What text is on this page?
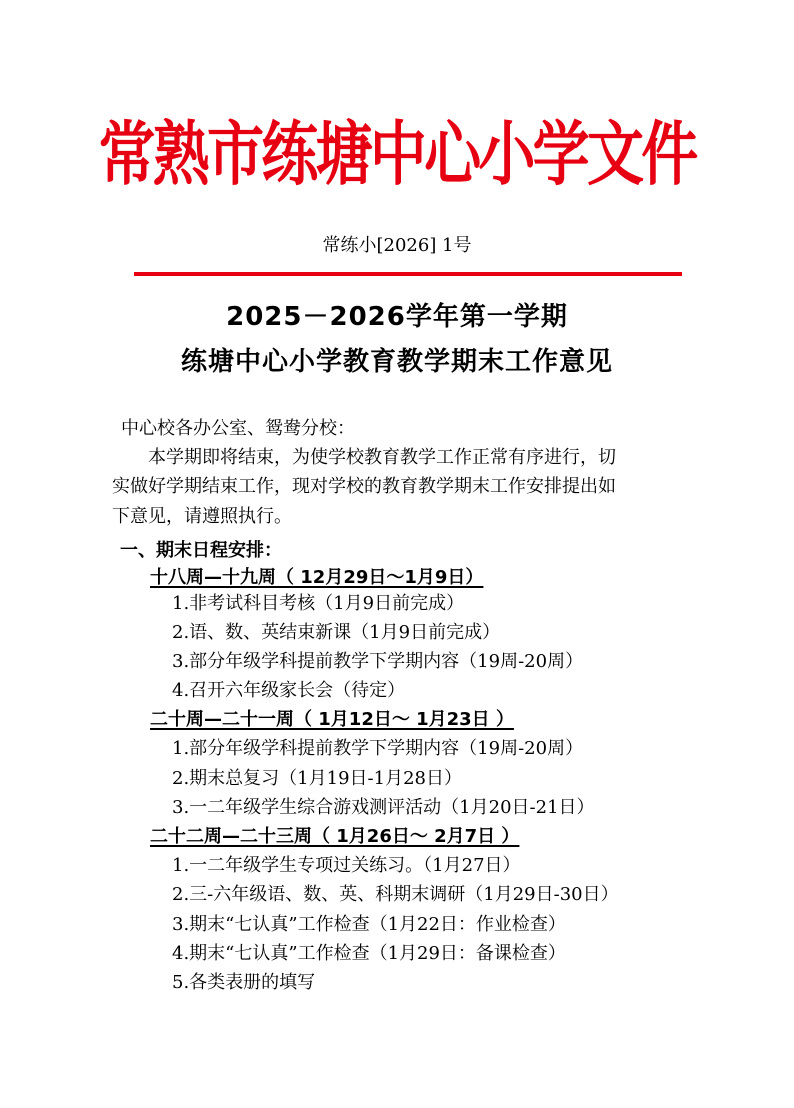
常熟市练塘中心小学文件
常练小[2026] 1号
2025－2026学年第一学期
练塘中心小学教育教学期末工作意见
中心校各办公室、鸳鸯分校：
本学期即将结束，为使学校教育教学工作正常有序进行，切
实做好学期结束工作，现对学校的教育教学期末工作安排提出如
下意见，请遵照执行。
一、期末日程安排：
十八周—十九周（ 12月29日～1月9日）
1.非考试科目考核（1月9日前完成）
2.语、数、英结束新课（1月9日前完成）
3.部分年级学科提前教学下学期内容（19周-20周）
4.召开六年级家长会（待定）
二十周—二十一周（ 1月12日～ 1月23日 ）
1.部分年级学科提前教学下学期内容（19周-20周）
2.期末总复习（1月19日-1月28日）
3.一二年级学生综合游戏测评活动（1月20日-21日）
二十二周—二十三周（ 1月26日～ 2月7日 ）
1.一二年级学生专项过关练习。（1月27日）
2.三-六年级语、数、英、科期末调研（1月29日-30日）
3.期末“七认真”工作检查（1月22日：作业检查）
4.期末“七认真”工作检查（1月29日：备课检查）
5.各类表册的填写
